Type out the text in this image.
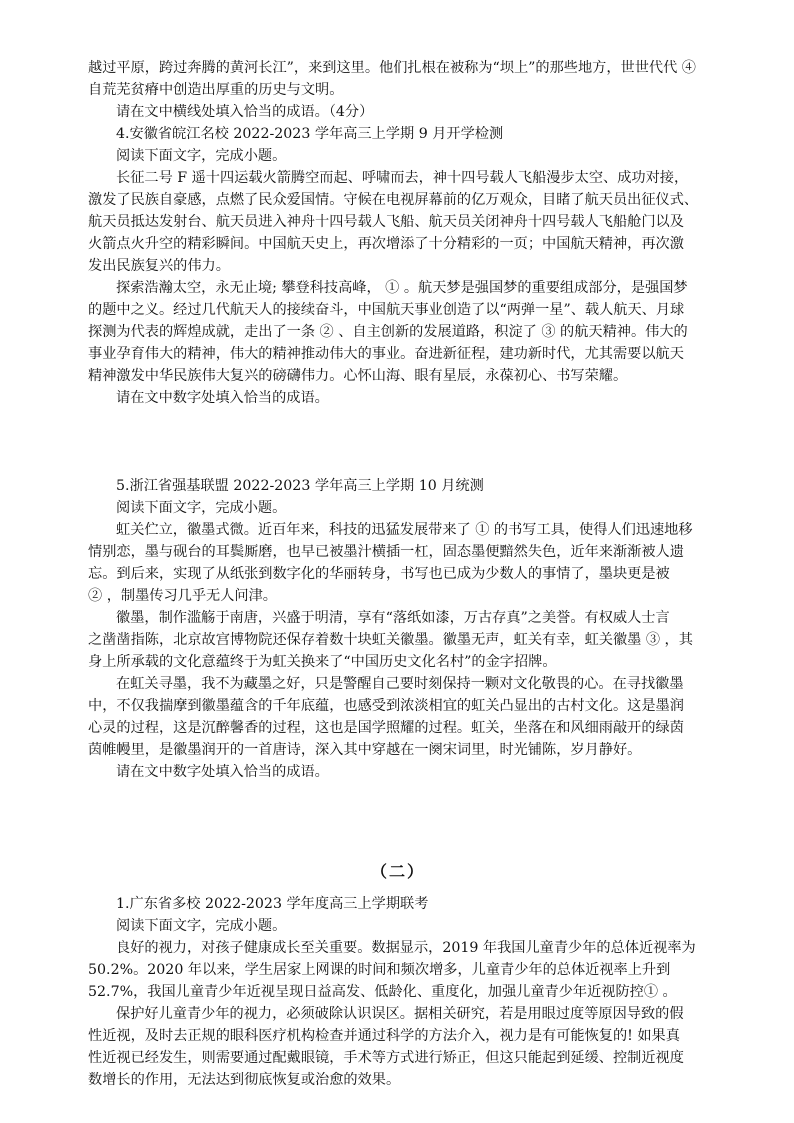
越过平原，跨过奔腾的黄河长江”，来到这里。他们扎根在被称为“坝上”的那些地方，世世代代 ④
自荒芜贫瘠中创造出厚重的历史与文明。
请在文中横线处填入恰当的成语。（4分）
4.安徽省皖江名校 2022-2023 学年高三上学期 9 月开学检测
阅读下面文字，完成小题。
长征二号 F 遥十四运载火箭腾空而起、呼啸而去，神十四号载人飞船漫步太空、成功对接，
激发了民族自豪感，点燃了民众爱国情。守候在电视屏幕前的亿万观众，目睹了航天员出征仪式、
航天员抵达发射台、航天员进入神舟十四号载人飞船、航天员关闭神舟十四号载人飞船舱门以及
火箭点火升空的精彩瞬间。中国航天史上，再次增添了十分精彩的一页；中国航天精神，再次激
发出民族复兴的伟力。
探索浩瀚太空，永无止境; 攀登科技高峰， ① 。航天梦是强国梦的重要组成部分，是强国梦
的题中之义。经过几代航天人的接续奋斗，中国航天事业创造了以“两弹一星”、载人航天、月球
探测为代表的辉煌成就，走出了一条 ② 、自主创新的发展道路，积淀了 ③ 的航天精神。伟大的
事业孕育伟大的精神，伟大的精神推动伟大的事业。奋进新征程，建功新时代，尤其需要以航天
精神激发中华民族伟大复兴的磅礴伟力。心怀山海、眼有星辰，永葆初心、书写荣耀。
请在文中数字处填入恰当的成语。
5.浙江省强基联盟 2022-2023 学年高三上学期 10 月统测
阅读下面文字，完成小题。
虹关伫立，徽墨式微。近百年来，科技的迅猛发展带来了 ① 的书写工具，使得人们迅速地移
情别恋，墨与砚台的耳鬓厮磨，也早已被墨汁横插一杠，固态墨便黯然失色，近年来渐渐被人遗
忘。到后来，实现了从纸张到数字化的华丽转身，书写也已成为少数人的事情了，墨块更是被
② ，制墨传习几乎无人问津。
徽墨，制作滥觞于南唐，兴盛于明清，享有“落纸如漆，万古存真”之美誉。有权威人士言
之凿凿指陈，北京故宫博物院还保存着数十块虹关徽墨。徽墨无声，虹关有幸，虹关徽墨 ③ ，其
身上所承载的文化意蕴终于为虹关换来了“中国历史文化名村”的金字招牌。
在虹关寻墨，我不为藏墨之好，只是警醒自己要时刻保持一颗对文化敬畏的心。在寻找徽墨
中，不仅我揣摩到徽墨蕴含的千年底蕴，也感受到浓淡相宜的虹关凸显出的古村文化。这是墨润
心灵的过程，这是沉醉馨香的过程，这也是国学照耀的过程。虹关，坐落在和风细雨敲开的绿茵
茵帷幔里，是徽墨润开的一首唐诗，深入其中穿越在一阕宋词里，时光铺陈，岁月静好。
请在文中数字处填入恰当的成语。
（二）
1.广东省多校 2022-2023 学年度高三上学期联考
阅读下面文字，完成小题。
良好的视力，对孩子健康成长至关重要。数据显示，2019 年我国儿童青少年的总体近视率为
50.2%。2020 年以来，学生居家上网课的时间和频次增多，儿童青少年的总体近视率上升到
52.7%，我国儿童青少年近视呈现日益高发、低龄化、重度化，加强儿童青少年近视防控① 。
保护好儿童青少年的视力，必须破除认识误区。据相关研究，若是用眼过度等原因导致的假
性近视，及时去正规的眼科医疗机构检查并通过科学的方法介入，视力是有可能恢复的! 如果真
性近视已经发生，则需要通过配戴眼镜，手术等方式进行矫正，但这只能起到延缓、控制近视度
数增长的作用，无法达到彻底恢复或治愈的效果。
